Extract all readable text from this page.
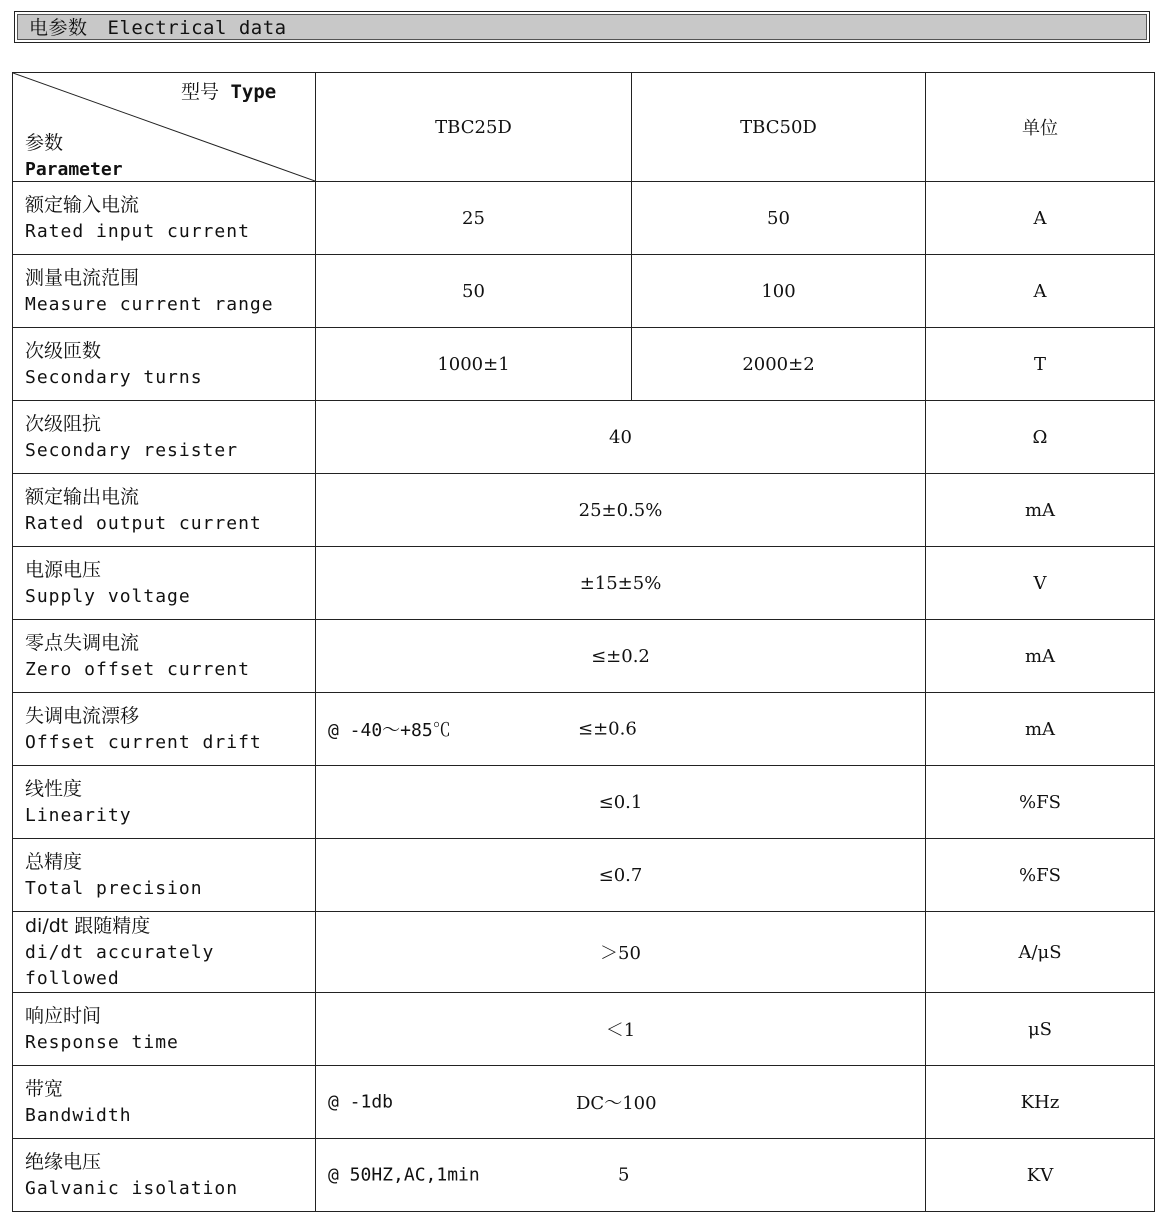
电参数 Electrical data
型号 Type
参数
Parameter	TBC25D	TBC50D	单位

额定输入电流
Rated input current	25	50	A

测量电流范围
Measure current range	50	100	A

次级匝数
Secondary turns	1000±1	2000±2	T

次级阻抗
Secondary resister	40		Ω

额定输出电流
Rated output current	25±0.5%		mA

电源电压
Supply voltage	±15±5%		V

零点失调电流
Zero offset current	≤±0.2		mA

失调电流漂移
Offset current drift	@ -40～+85℃ ≤±0.6		mA

线性度
Linearity	≤0.1		%FS

总精度
Total precision	≤0.7		%FS

di/dt 跟随精度
di/dt accurately followed	＞50		A/μS

响应时间
Response time	＜1		μS

带宽
Bandwidth	@ -1db DC～100		KHz

绝缘电压
Galvanic isolation	@ 50HZ,AC,1min 5		KV
